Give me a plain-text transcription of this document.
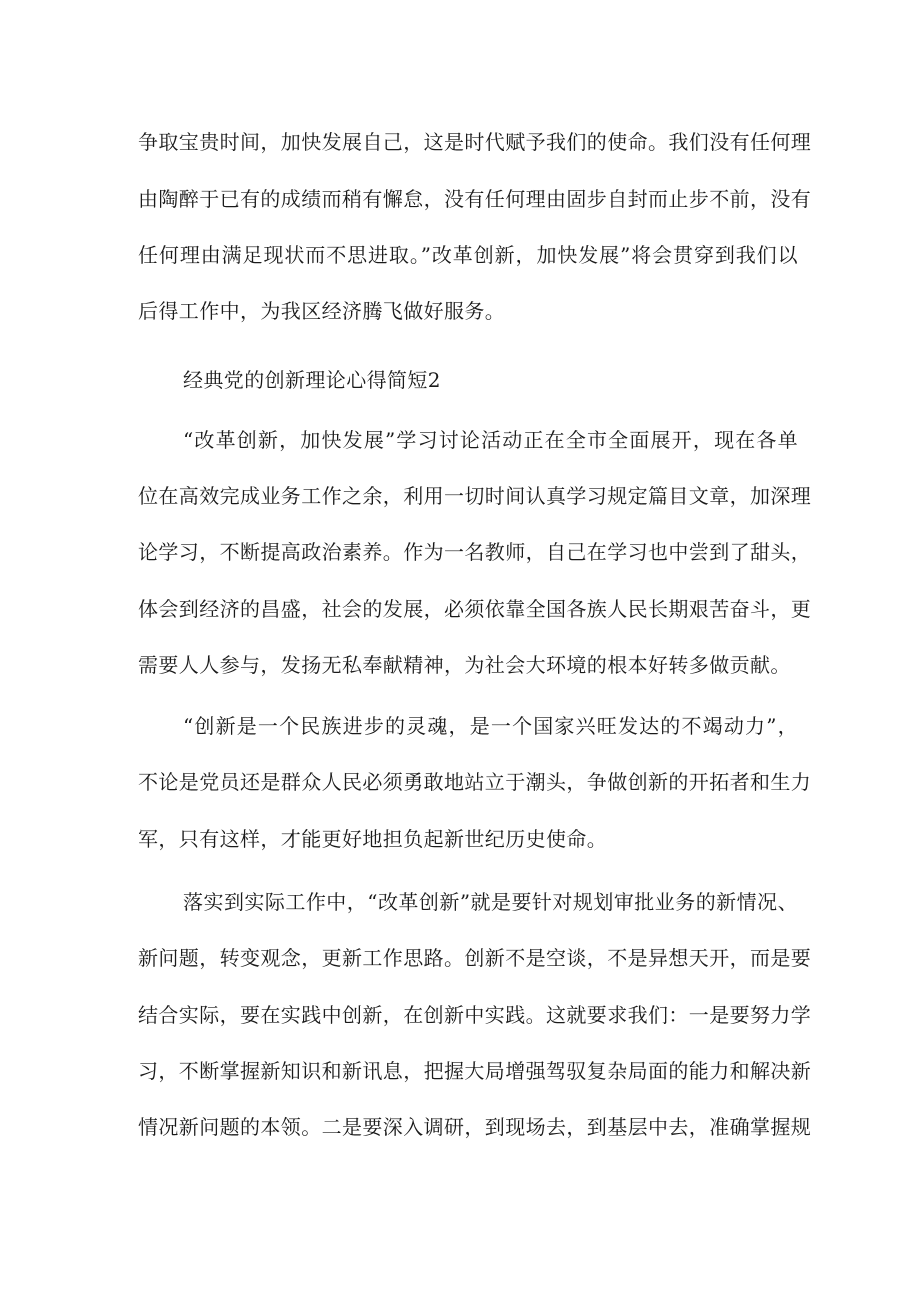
争取宝贵时间，加快发展自己，这是时代赋予我们的使命。我们没有任何理
由陶醉于已有的成绩而稍有懈怠，没有任何理由固步自封而止步不前，没有
任何理由满足现状而不思进取。”改革创新，加快发展”将会贯穿到我们以
后得工作中，为我区经济腾飞做好服务。
经典党的创新理论心得简短2
“改革创新，加快发展”学习讨论活动正在全市全面展开，现在各单
位在高效完成业务工作之余，利用一切时间认真学习规定篇目文章，加深理
论学习，不断提高政治素养。作为一名教师，自己在学习也中尝到了甜头，
体会到经济的昌盛，社会的发展，必须依靠全国各族人民长期艰苦奋斗，更
需要人人参与，发扬无私奉献精神，为社会大环境的根本好转多做贡献。
“创新是一个民族进步的灵魂，是一个国家兴旺发达的不竭动力”，
不论是党员还是群众人民必须勇敢地站立于潮头，争做创新的开拓者和生力
军，只有这样，才能更好地担负起新世纪历史使命。
落实到实际工作中，“改革创新”就是要针对规划审批业务的新情况、
新问题，转变观念，更新工作思路。创新不是空谈，不是异想天开，而是要
结合实际，要在实践中创新，在创新中实践。这就要求我们：一是要努力学
习，不断掌握新知识和新讯息，把握大局增强驾驭复杂局面的能力和解决新
情况新问题的本领。二是要深入调研，到现场去，到基层中去，准确掌握规
